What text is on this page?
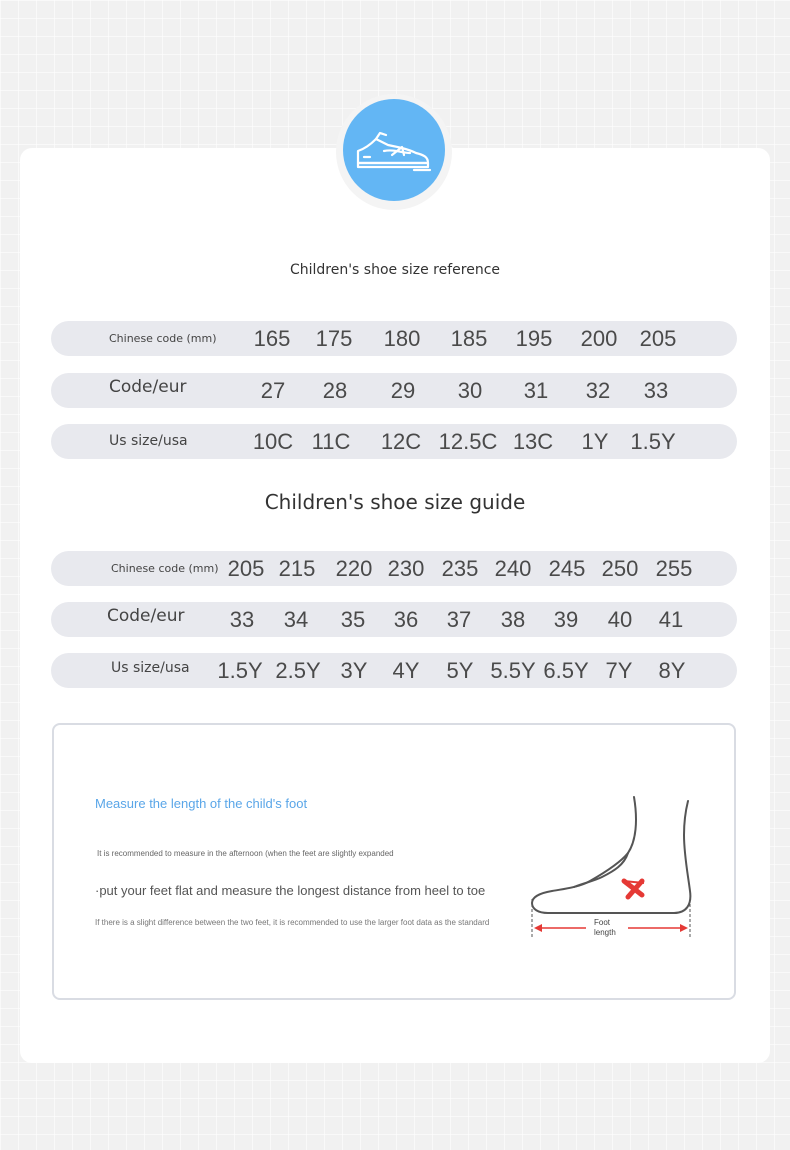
Children's shoe size reference
Chinese code (mm)	165	175	180	185	195	200	205
Code/eur	27	28	29	30	31	32	33
Us size/usa	10C 11C	12C 12.5C 13C	1Y 1.5Y
Children's shoe size guide
Chinese code (mm) 205 215 220 230 235 240 245 250 255
Code/eur	33	34	35	36	37	38	39	40	41
Us size/usa	1.5Y 2.5Y 3Y	4Y	5Y 5.5Y 6.5Y 7Y	8Y
Measure the length of the child's foot
It is recommended to measure in the afternoon (when the feet are slightly expanded
·put your feet flat and measure the longest distance from heel to toe
If there is a slight difference between the two feet, it is recommended to use the larger foot data as the standard	Foot
length
